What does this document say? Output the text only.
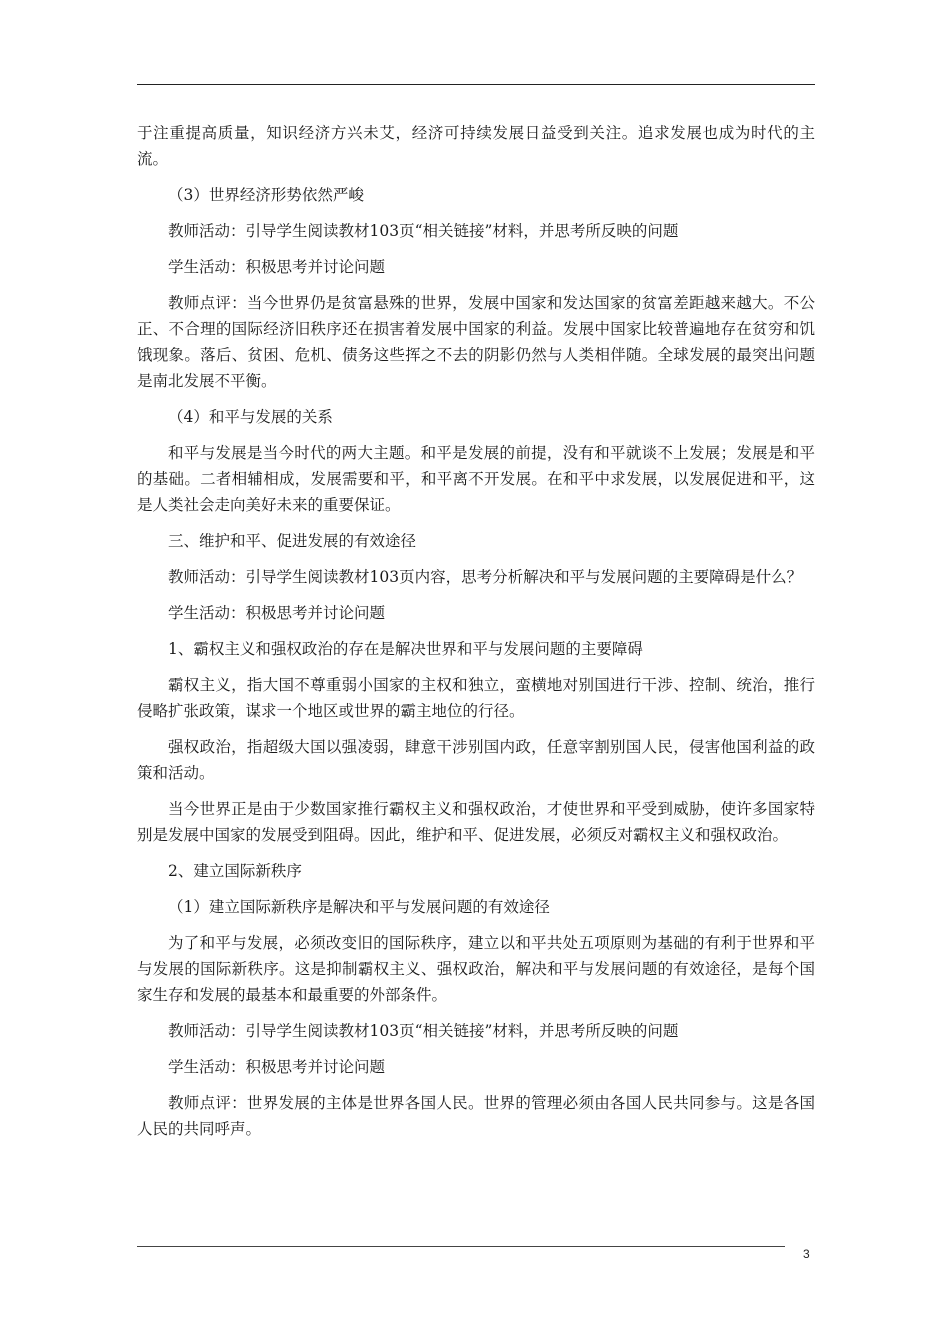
于注重提高质量，知识经济方兴未艾，经济可持续发展日益受到关注。追求发展也成为时代的主流。

（3）世界经济形势依然严峻

教师活动：引导学生阅读教材103页“相关链接”材料，并思考所反映的问题

学生活动：积极思考并讨论问题

教师点评：当今世界仍是贫富悬殊的世界，发展中国家和发达国家的贫富差距越来越大。不公正、不合理的国际经济旧秩序还在损害着发展中国家的利益。发展中国家比较普遍地存在贫穷和饥饿现象。落后、贫困、危机、债务这些挥之不去的阴影仍然与人类相伴随。全球发展的最突出问题是南北发展不平衡。

（4）和平与发展的关系

和平与发展是当今时代的两大主题。和平是发展的前提，没有和平就谈不上发展；发展是和平的基础。二者相辅相成，发展需要和平，和平离不开发展。在和平中求发展，以发展促进和平，这是人类社会走向美好未来的重要保证。

三、维护和平、促进发展的有效途径

教师活动：引导学生阅读教材103页内容，思考分析解决和平与发展问题的主要障碍是什么？

学生活动：积极思考并讨论问题

1、霸权主义和强权政治的存在是解决世界和平与发展问题的主要障碍

霸权主义，指大国不尊重弱小国家的主权和独立，蛮横地对别国进行干涉、控制、统治，推行侵略扩张政策，谋求一个地区或世界的霸主地位的行径。

强权政治，指超级大国以强凌弱，肆意干涉别国内政，任意宰割别国人民，侵害他国利益的政策和活动。

当今世界正是由于少数国家推行霸权主义和强权政治，才使世界和平受到威胁，使许多国家特别是发展中国家的发展受到阻碍。因此，维护和平、促进发展，必须反对霸权主义和强权政治。

2、建立国际新秩序

（1）建立国际新秩序是解决和平与发展问题的有效途径

为了和平与发展，必须改变旧的国际秩序，建立以和平共处五项原则为基础的有利于世界和平与发展的国际新秩序。这是抑制霸权主义、强权政治，解决和平与发展问题的有效途径，是每个国家生存和发展的最基本和最重要的外部条件。

教师活动：引导学生阅读教材103页“相关链接”材料，并思考所反映的问题

学生活动：积极思考并讨论问题

教师点评：世界发展的主体是世界各国人民。世界的管理必须由各国人民共同参与。这是各国人民的共同呼声。

3
